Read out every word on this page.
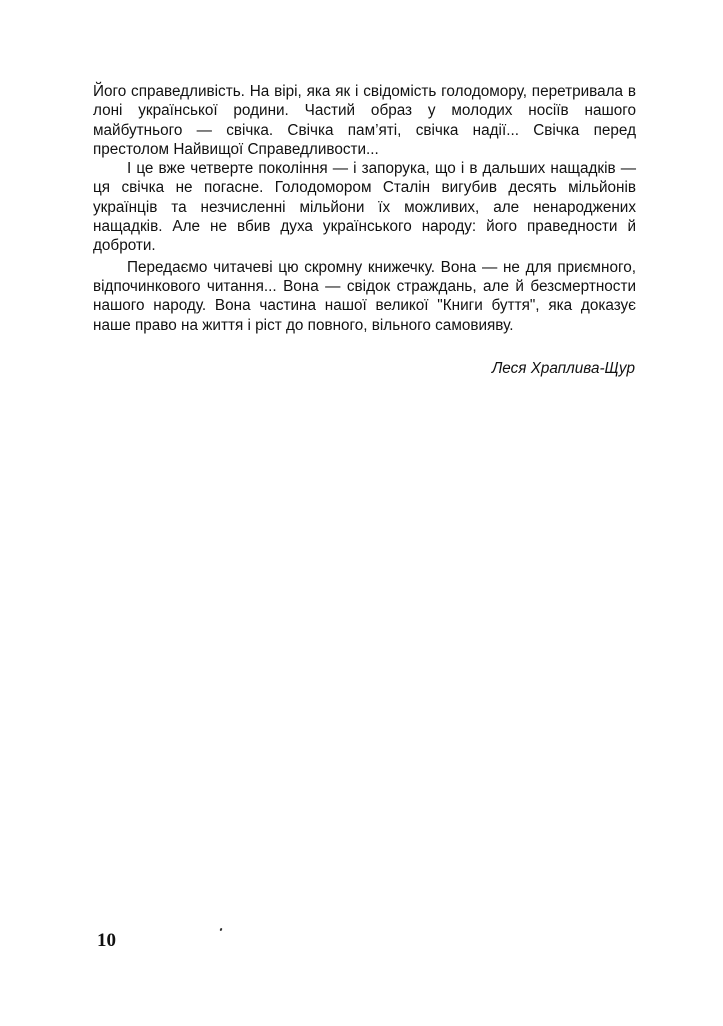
Його справедливість. На вірі, яка як і свідомість голодомору, перетривала в лоні української родини. Частий образ у молодих носіїв нашого майбутнього — свічка. Свічка пам’яті, свічка надії... Свічка перед престолом Найвищої Справедливости...

І це вже четверте покоління — і запорука, що і в дальших нащадків — ця свічка не погасне. Голодомором Сталін вигубив десять мільйонів українців та незчисленні мільйони їх можливих, але ненароджених нащадків. Але не вбив духа українського народу: його праведности й доброти.

Передаємо читачеві цю скромну книжечку. Вона — не для приємного, відпочинкового читання... Вона — свідок страждань, але й безсмертности нашого народу. Вона частина нашої великої "Книги буття", яка доказує наше право на життя і ріст до повного, вільного самовияву.

Леся Храплива-Щур
10
